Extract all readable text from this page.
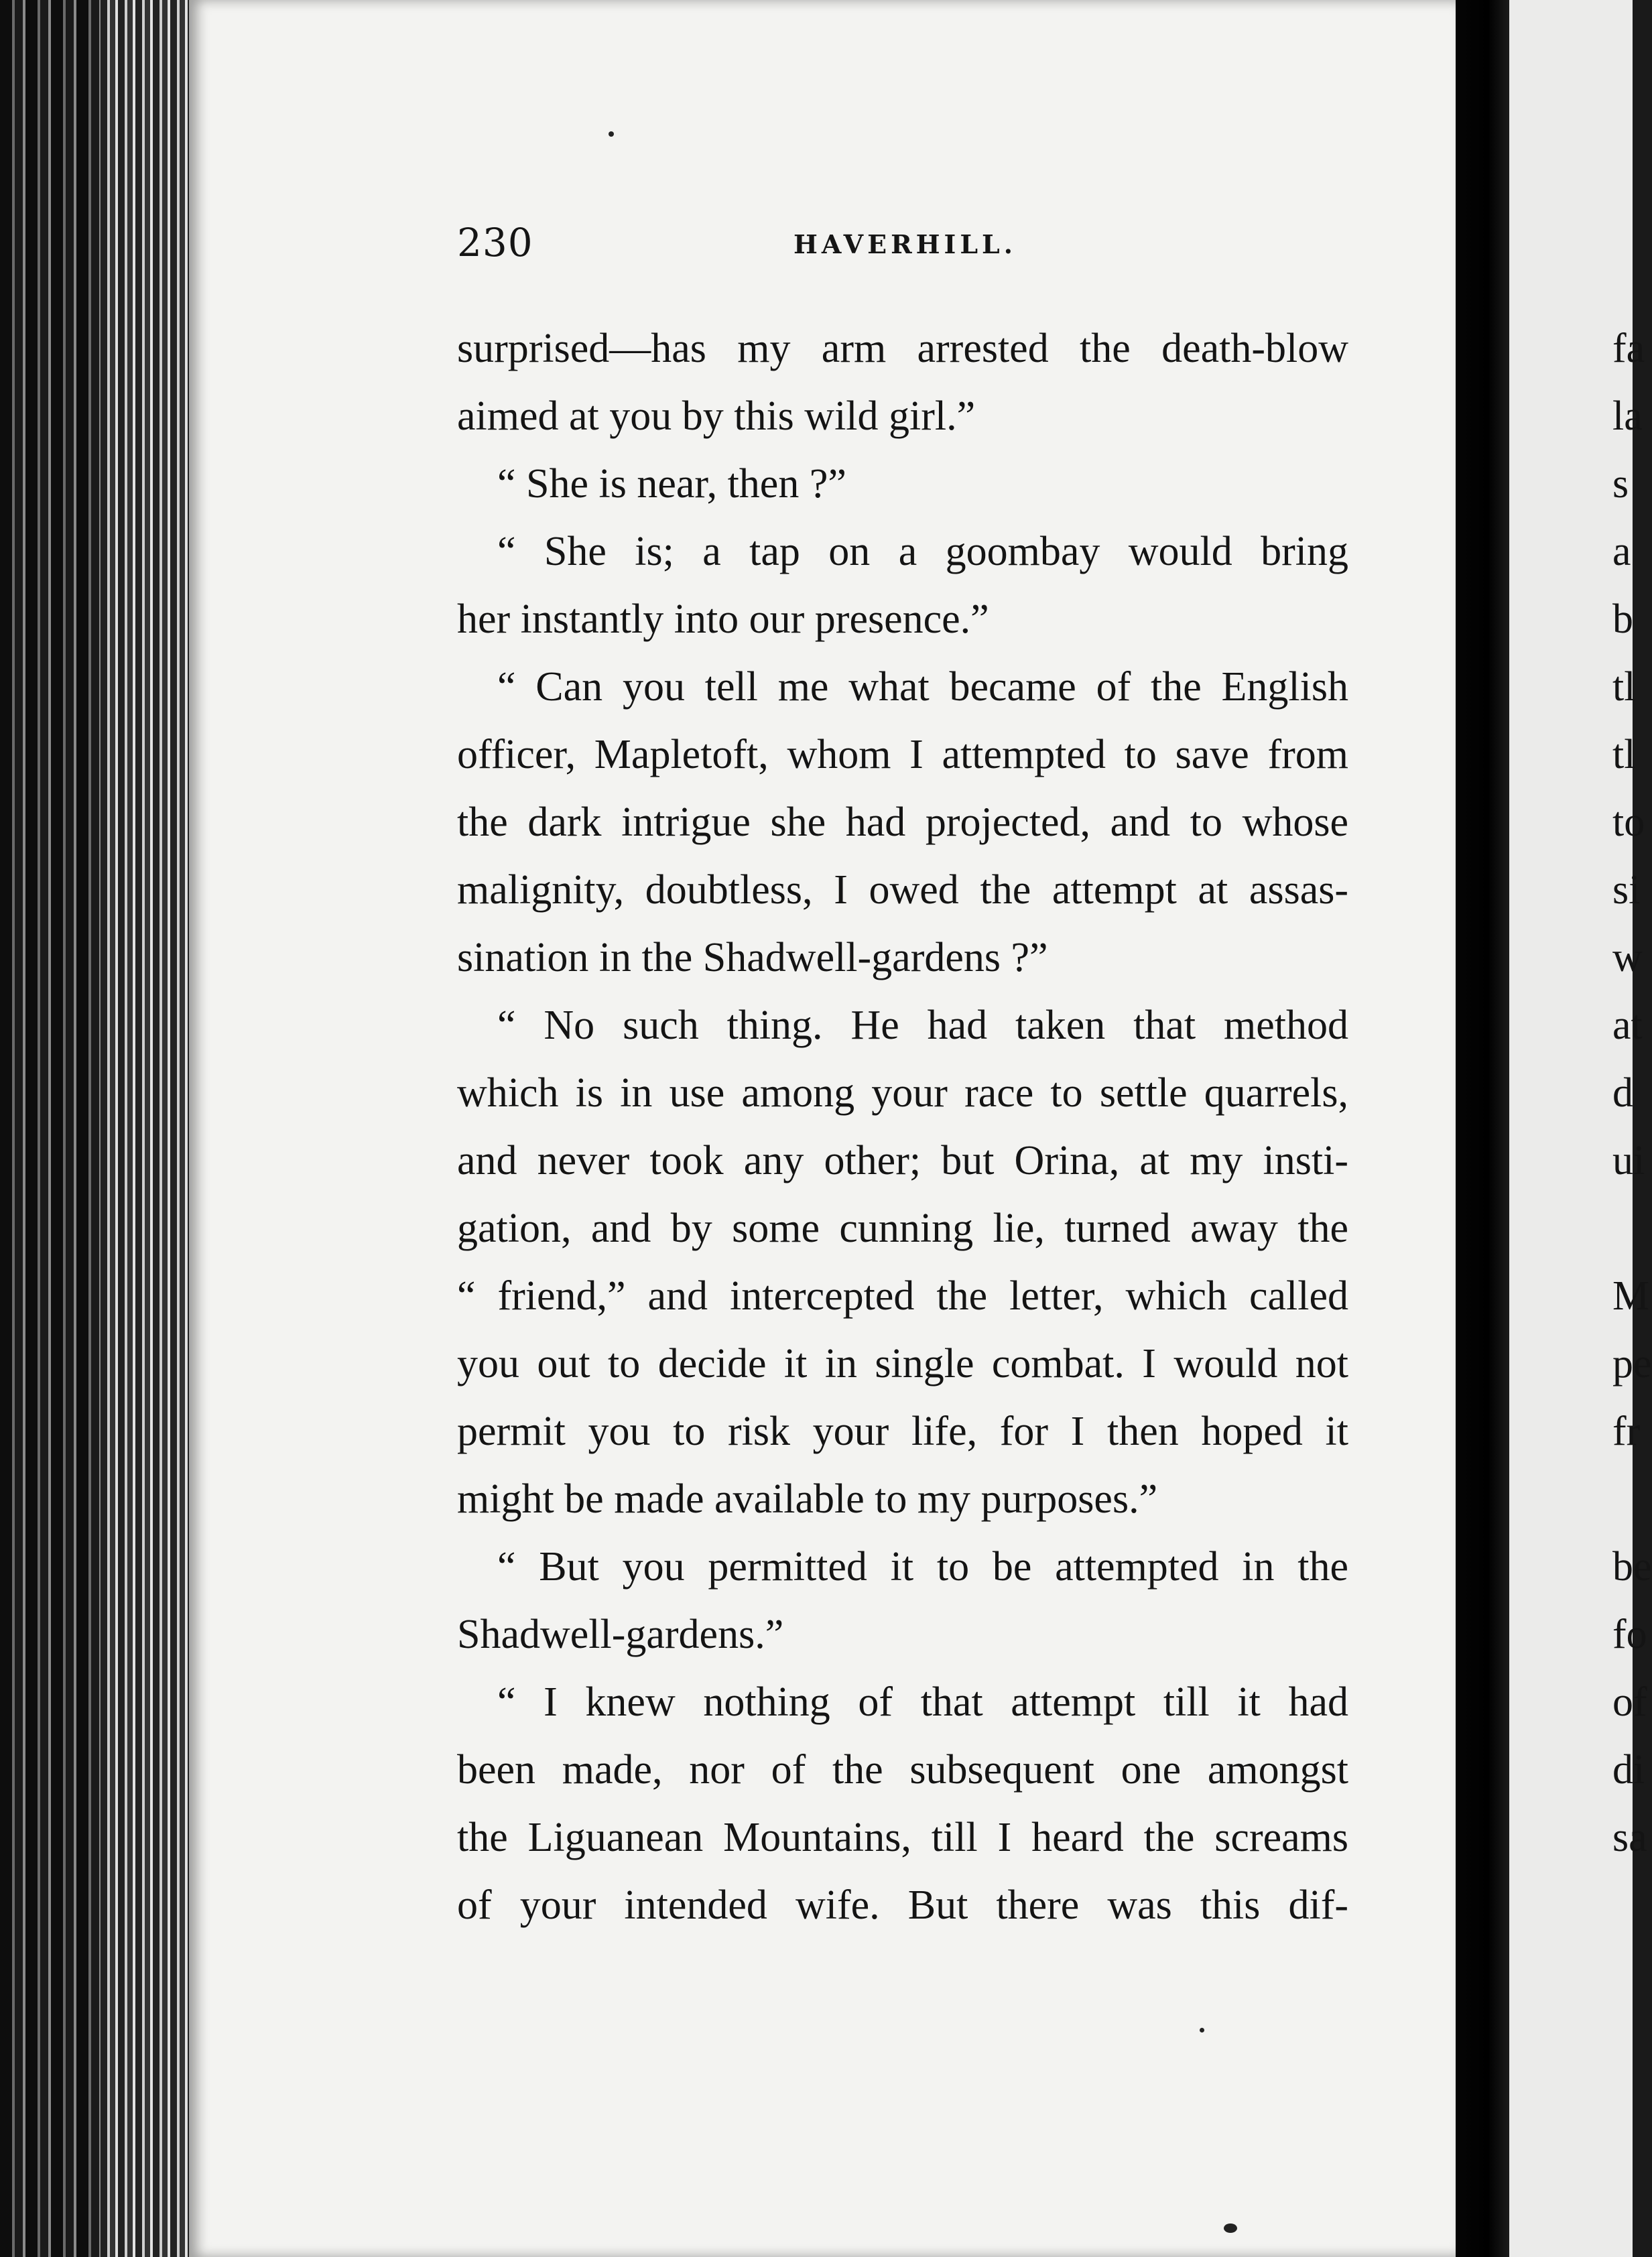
230	HAVERHILL.
surprised—has my arm arrested the death-blow
aimed at you by this wild girl.”
“ She is near, then ?”
“ She is; a tap on a goombay would bring
her instantly into our presence.”
“ Can you tell me what became of the English
officer, Mapletoft, whom I attempted to save from
the dark intrigue she had projected, and to whose
malignity, doubtless, I owed the attempt at assas-
sination in the Shadwell-gardens ?”
“ No such thing. He had taken that method
which is in use among your race to settle quarrels,
and never took any other; but Orina, at my insti-
gation, and by some cunning lie, turned away the
“ friend,” and intercepted the letter, which called
you out to decide it in single combat. I would not
permit you to risk your life, for I then hoped it
might be made available to my purposes.”
“ But you permitted it to be attempted in the
Shadwell-gardens.”
“ I knew nothing of that attempt till it had
been made, nor of the subsequent one amongst
the Liguanean Mountains, till I heard the screams
of your intended wife. But there was this dif-
fa
la
s
a
b
tl
tl
to
si
w
at
d
ui
M
pe
fr
be
fo
of
di
sa
